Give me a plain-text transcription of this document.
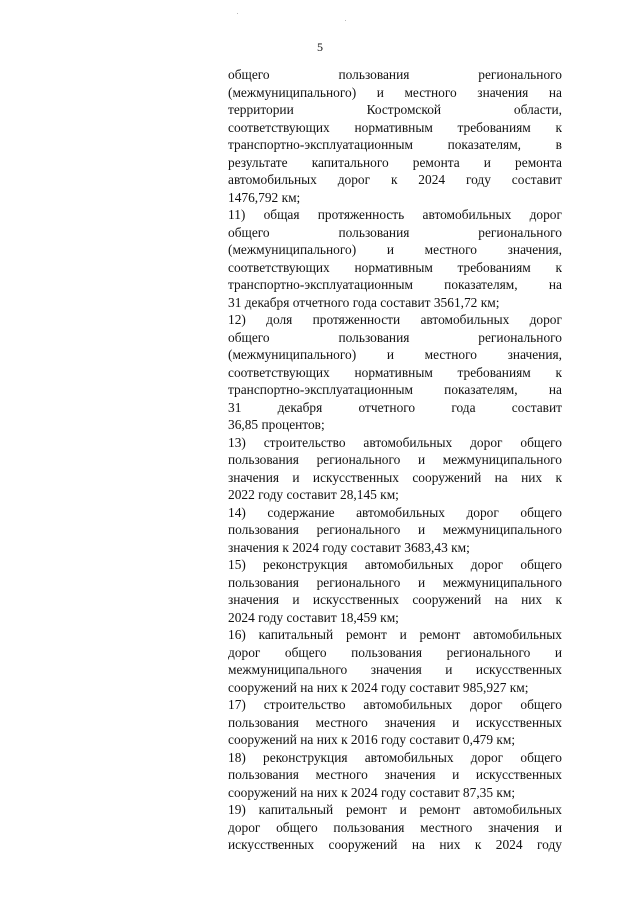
5
общего пользования регионального
(межмуниципального) и местного значения на
территории Костромской области,
соответствующих нормативным требованиям к
транспортно-эксплуатационным показателям, в
результате капитального ремонта и ремонта
автомобильных дорог к 2024 году составит
1476,792 км;
11) общая протяженность автомобильных дорог
общего пользования регионального
(межмуниципального) и местного значения,
соответствующих нормативным требованиям к
транспортно-эксплуатационным показателям, на
31 декабря отчетного года составит 3561,72 км;
12) доля протяженности автомобильных дорог
общего пользования регионального
(межмуниципального) и местного значения,
соответствующих нормативным требованиям к
транспортно-эксплуатационным показателям, на
31 декабря отчетного года составит
36,85 процентов;
13) строительство автомобильных дорог общего
пользования регионального и межмуниципального
значения и искусственных сооружений на них к
2022 году составит 28,145 км;
14) содержание автомобильных дорог общего
пользования регионального и межмуниципального
значения к 2024 году составит 3683,43 км;
15) реконструкция автомобильных дорог общего
пользования регионального и межмуниципального
значения и искусственных сооружений на них к
2024 году составит 18,459 км;
16) капитальный ремонт и ремонт автомобильных
дорог общего пользования регионального и
межмуниципального значения и искусственных
сооружений на них к 2024 году составит 985,927 км;
17) строительство автомобильных дорог общего
пользования местного значения и искусственных
сооружений на них к 2016 году составит 0,479 км;
18) реконструкция автомобильных дорог общего
пользования местного значения и искусственных
сооружений на них к 2024 году составит 87,35 км;
19) капитальный ремонт и ремонт автомобильных
дорог общего пользования местного значения и
искусственных сооружений на них к 2024 году
